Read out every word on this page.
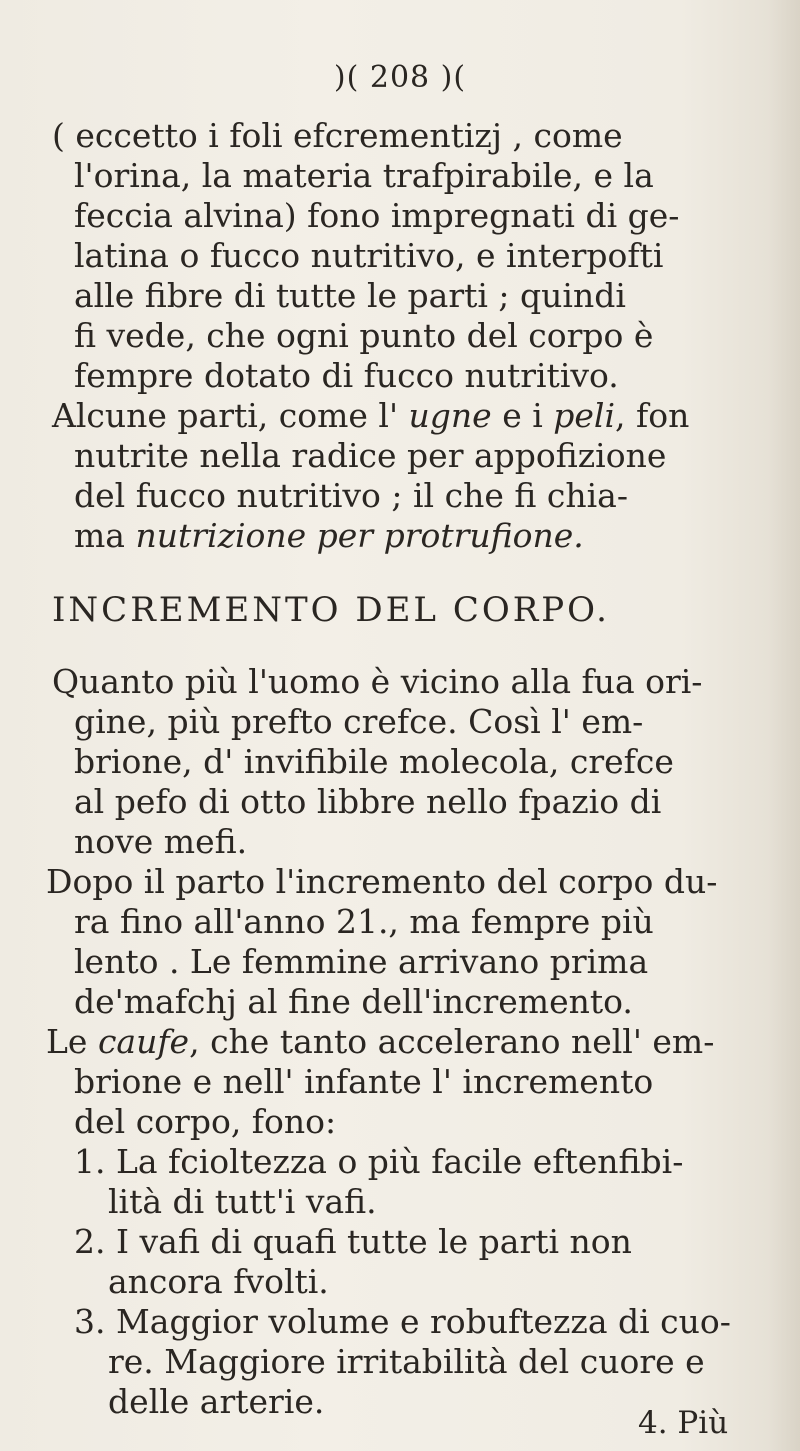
)( 208 )(
( eccetto i foli efcrementizj , come
l'orina, la materia trafpirabile, e la
feccia alvina) fono impregnati di ge-
latina o fucco nutritivo, e interpofti
alle fibre di tutte le parti ; quindi
fi vede, che ogni punto del corpo è
fempre dotato di fucco nutritivo.
Alcune parti, come l' ugne e i peli, fon
nutrite nella radice per appofizione
del fucco nutritivo ; il che fi chia-
ma nutrizione per protrufione.
INCREMENTO DEL CORPO.
Quanto più l'uomo è vicino alla fua ori-
gine, più prefto crefce. Così l' em-
brione, d' invifibile molecola, crefce
al pefo di otto libbre nello fpazio di
nove mefi.
Dopo il parto l'incremento del corpo du-
ra fino all'anno 21., ma fempre più
lento . Le femmine arrivano prima
de'mafchj al fine dell'incremento.
Le caufe, che tanto accelerano nell' em-
brione e nell' infante l' incremento
del corpo, fono:
1. La fcioltezza o più facile eftenfibi-
lità di tutt'i vafi.
2. I vafi di quafi tutte le parti non
ancora fvolti.
3. Maggior volume e robuftezza di cuo-
re. Maggiore irritabilità del cuore e
delle arterie.
4. Più
